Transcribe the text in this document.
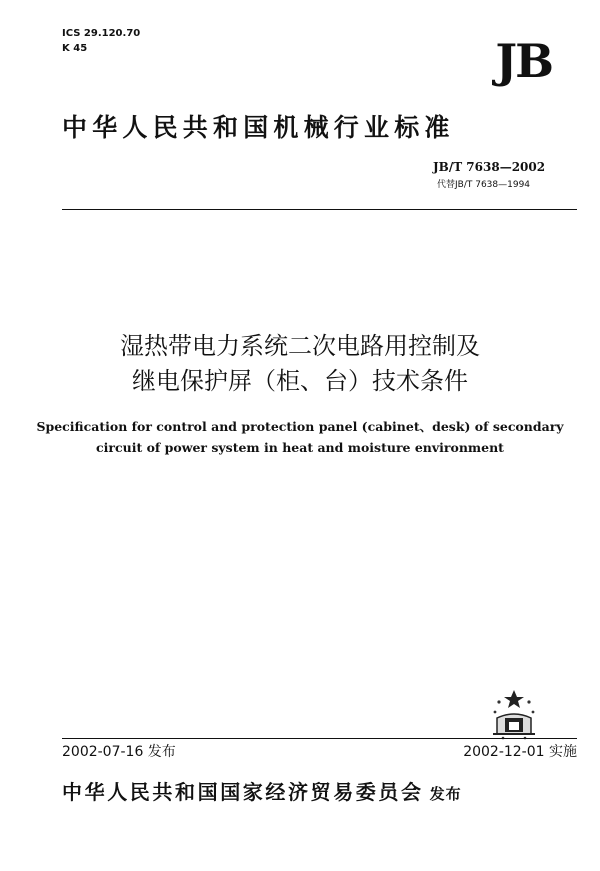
ICS 29.120.70
K 45	JB
中华人民共和国机械行业标准
JB/T 7638—2002
代替JB/T 7638—1994
湿热带电力系统二次电路用控制及
继电保护屏（柜、台）技术条件
Specification for control and protection panel (cabinet、desk) of secondary
circuit of power system in heat and moisture environment
2002-07-16 发布	2002-12-01 实施
中华人民共和国国家经济贸易委员会 发布
